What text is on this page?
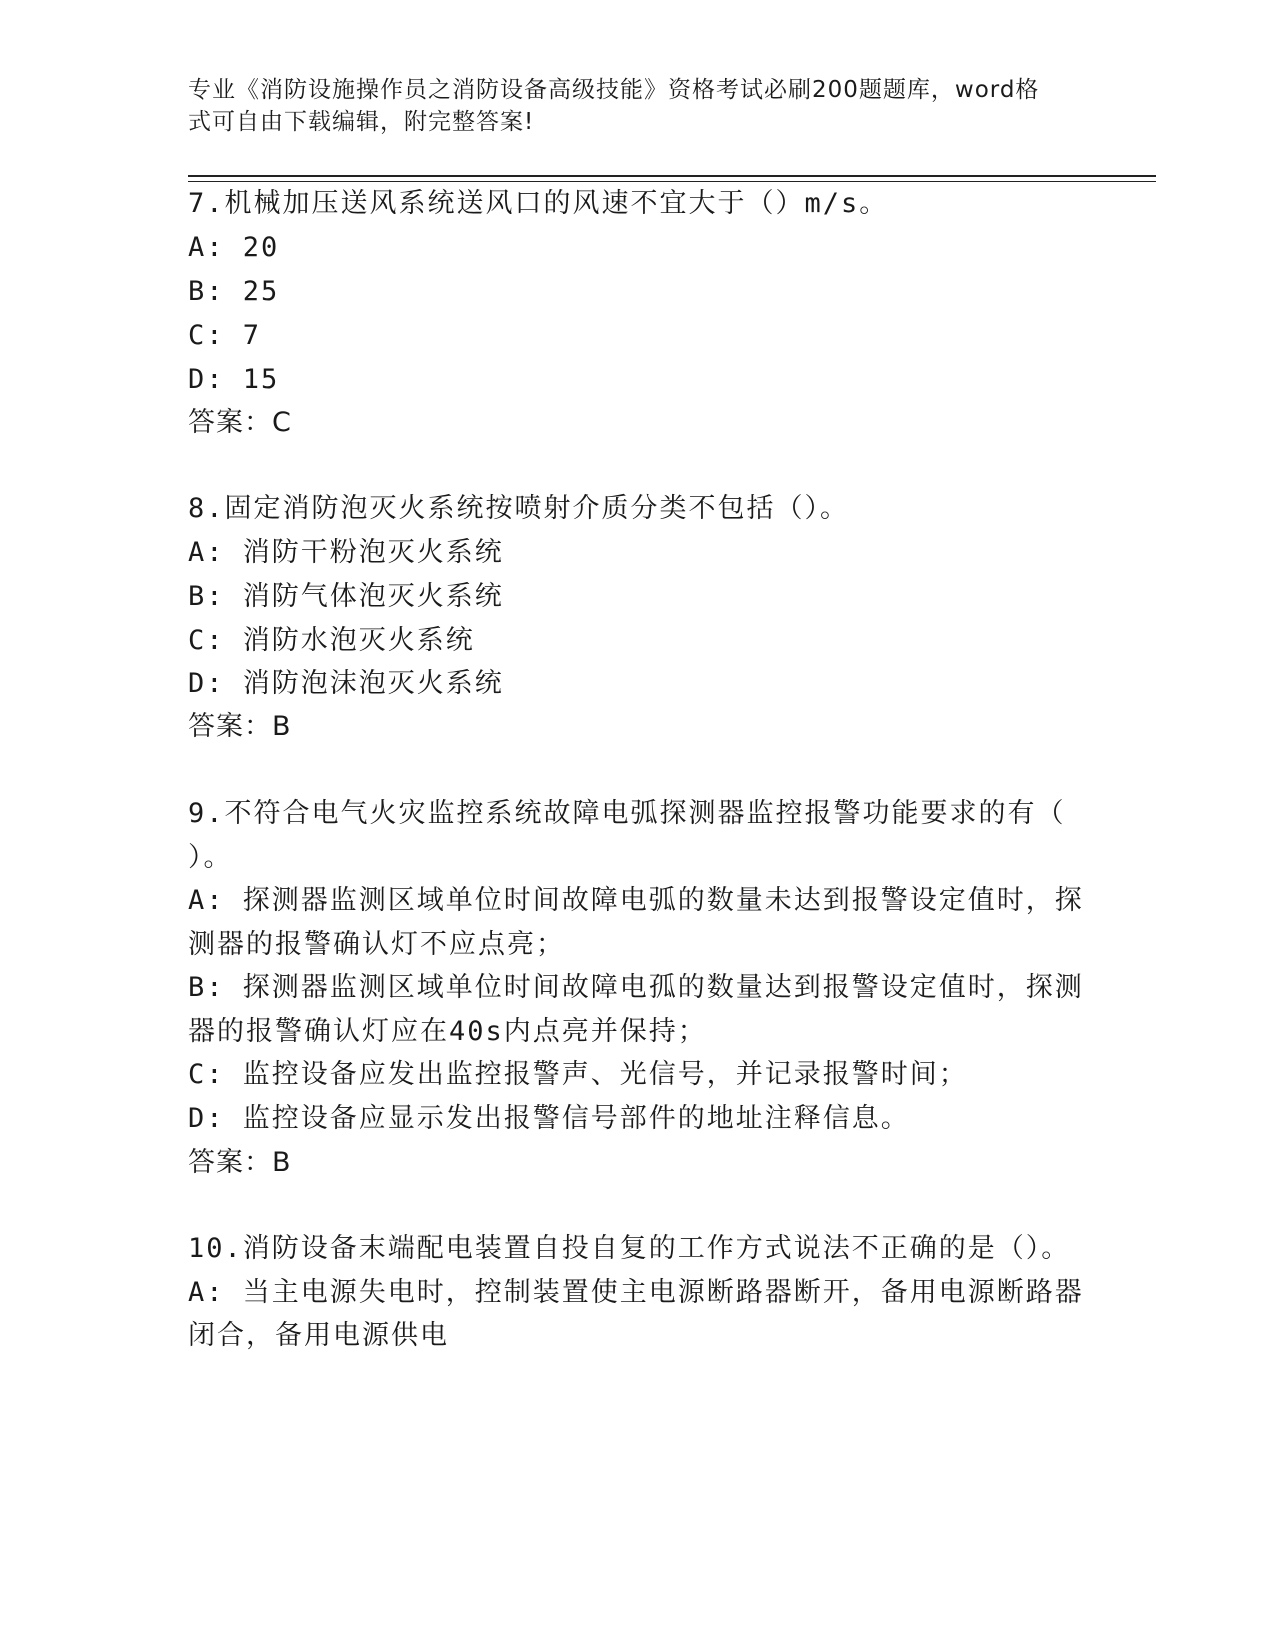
专业《消防设施操作员之消防设备高级技能》资格考试必刷200题题库，word格
式可自由下载编辑，附完整答案!
7.机械加压送风系统送风口的风速不宜大于（）m/s。
A: 20
B: 25
C: 7
D: 15
答案：C
8.固定消防泡灭火系统按喷射介质分类不包括（）。
A: 消防干粉泡灭火系统
B: 消防气体泡灭火系统
C: 消防水泡灭火系统
D: 消防泡沫泡灭火系统
答案：B
9.不符合电气火灾监控系统故障电弧探测器监控报警功能要求的有（
）。
A: 探测器监测区域单位时间故障电弧的数量未达到报警设定值时，探
测器的报警确认灯不应点亮；
B: 探测器监测区域单位时间故障电孤的数量达到报警设定值时，探测
器的报警确认灯应在40s内点亮并保持；
C: 监控设备应发出监控报警声、光信号，并记录报警时间；
D: 监控设备应显示发出报警信号部件的地址注释信息。
答案：B
10.消防设备末端配电装置自投自复的工作方式说法不正确的是（）。
A: 当主电源失电时，控制装置使主电源断路器断开，备用电源断路器
闭合，备用电源供电
